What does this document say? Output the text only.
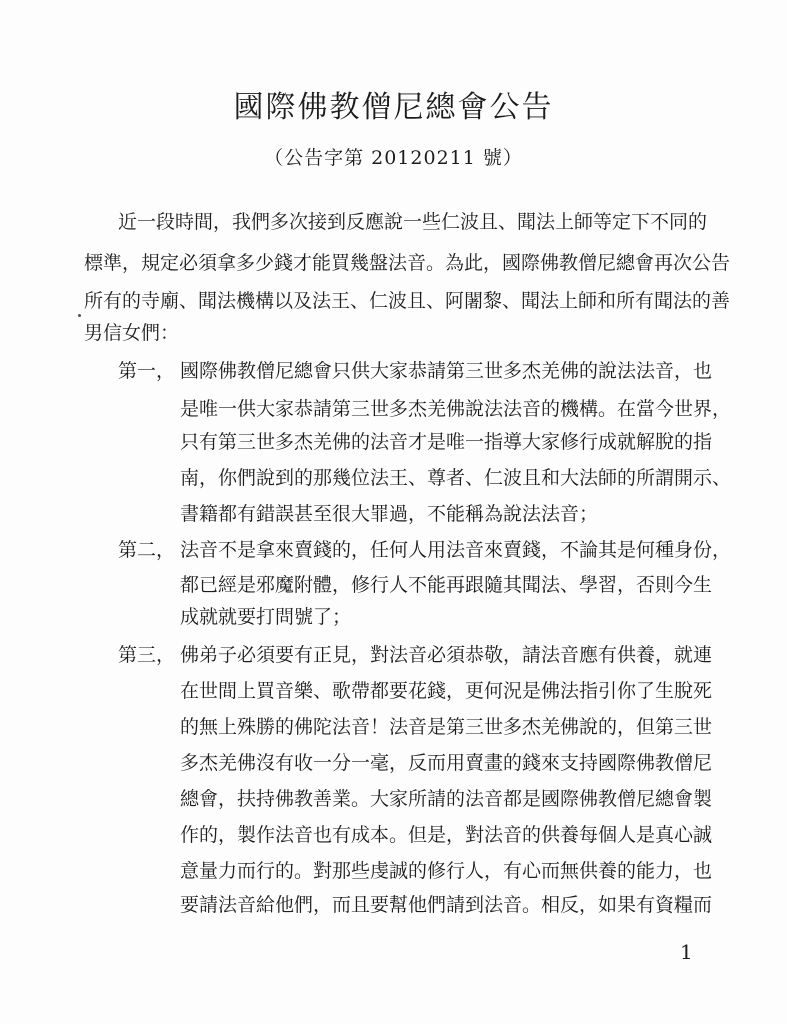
國際佛教僧尼總會公告
（公告字第 20120211 號）
近一段時間，我們多次接到反應說一些仁波且、聞法上師等定下不同的
標準，規定必須拿多少錢才能買幾盤法音。為此，國際佛教僧尼總會再次公告
所有的寺廟、聞法機構以及法王、仁波且、阿闍黎、聞法上師和所有聞法的善
男信女們：
第一， 國際佛教僧尼總會只供大家恭請第三世多杰羌佛的說法法音，也
是唯一供大家恭請第三世多杰羌佛說法法音的機構。在當今世界，
只有第三世多杰羌佛的法音才是唯一指導大家修行成就解脫的指
南，你們說到的那幾位法王、尊者、仁波且和大法師的所謂開示、
書籍都有錯誤甚至很大罪過，不能稱為說法法音；
第二， 法音不是拿來賣錢的，任何人用法音來賣錢，不論其是何種身份，
都已經是邪魔附體，修行人不能再跟隨其聞法、學習，否則今生
成就就要打問號了；
第三， 佛弟子必須要有正見，對法音必須恭敬，請法音應有供養，就連
在世間上買音樂、歌帶都要花錢，更何況是佛法指引你了生脫死
的無上殊勝的佛陀法音！法音是第三世多杰羌佛說的，但第三世
多杰羌佛沒有收一分一毫，反而用賣畫的錢來支持國際佛教僧尼
總會，扶持佛教善業。大家所請的法音都是國際佛教僧尼總會製
作的，製作法音也有成本。但是，對法音的供養每個人是真心誠
意量力而行的。對那些虔誠的修行人，有心而無供養的能力，也
要請法音給他們，而且要幫他們請到法音。相反，如果有資糧而
1
